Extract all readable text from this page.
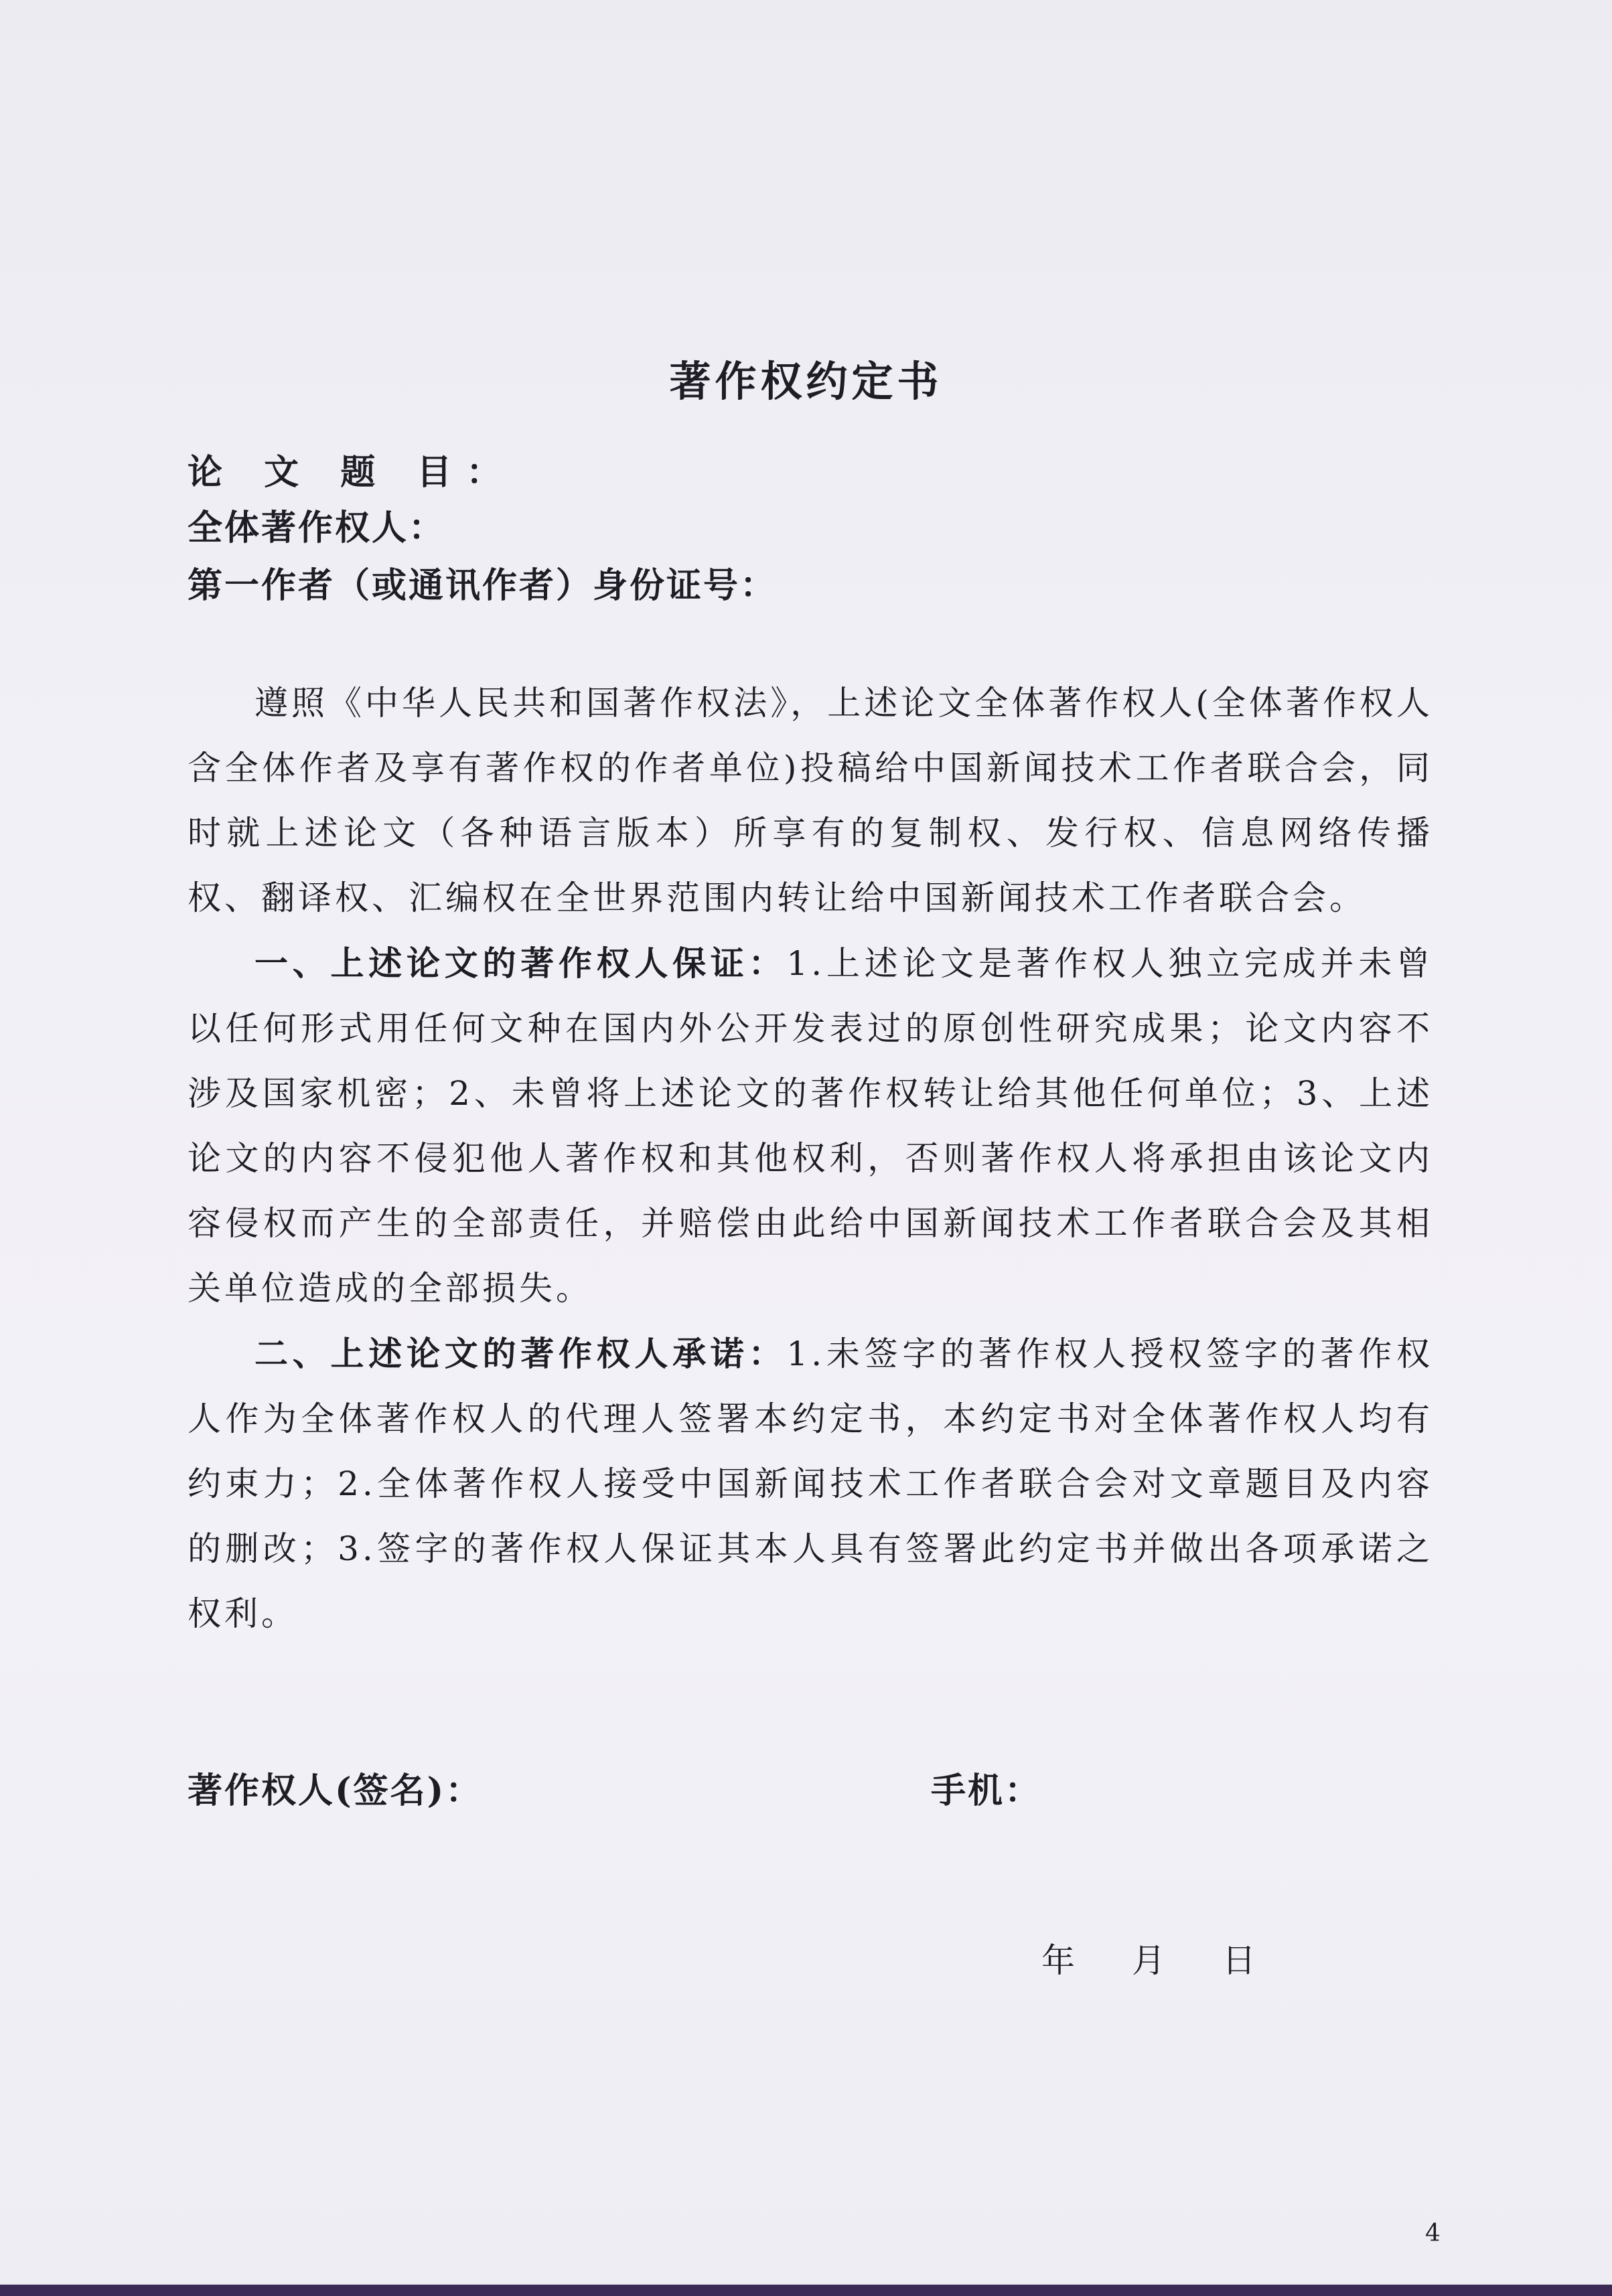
著作权约定书
论 文 题 目：
全体著作权人：
第一作者（或通讯作者）身份证号：

遵照《中华人民共和国著作权法》，上述论文全体著作权人(全体著作权人含全体作者及享有著作权的作者单位)投稿给中国新闻技术工作者联合会，同时就上述论文（各种语言版本）所享有的复制权、发行权、信息网络传播权、翻译权、汇编权在全世界范围内转让给中国新闻技术工作者联合会。

一、上述论文的著作权人保证：1.上述论文是著作权人独立完成并未曾以任何形式用任何文种在国内外公开发表过的原创性研究成果；论文内容不涉及国家机密；2、未曾将上述论文的著作权转让给其他任何单位；3、上述论文的内容不侵犯他人著作权和其他权利，否则著作权人将承担由该论文内容侵权而产生的全部责任，并赔偿由此给中国新闻技术工作者联合会及其相关单位造成的全部损失。

二、上述论文的著作权人承诺：1.未签字的著作权人授权签字的著作权人作为全体著作权人的代理人签署本约定书，本约定书对全体著作权人均有约束力；2.全体著作权人接受中国新闻技术工作者联合会对文章题目及内容的删改；3.签字的著作权人保证其本人具有签署此约定书并做出各项承诺之权利。

著作权人(签名)：	手机：
年 月 日
4
